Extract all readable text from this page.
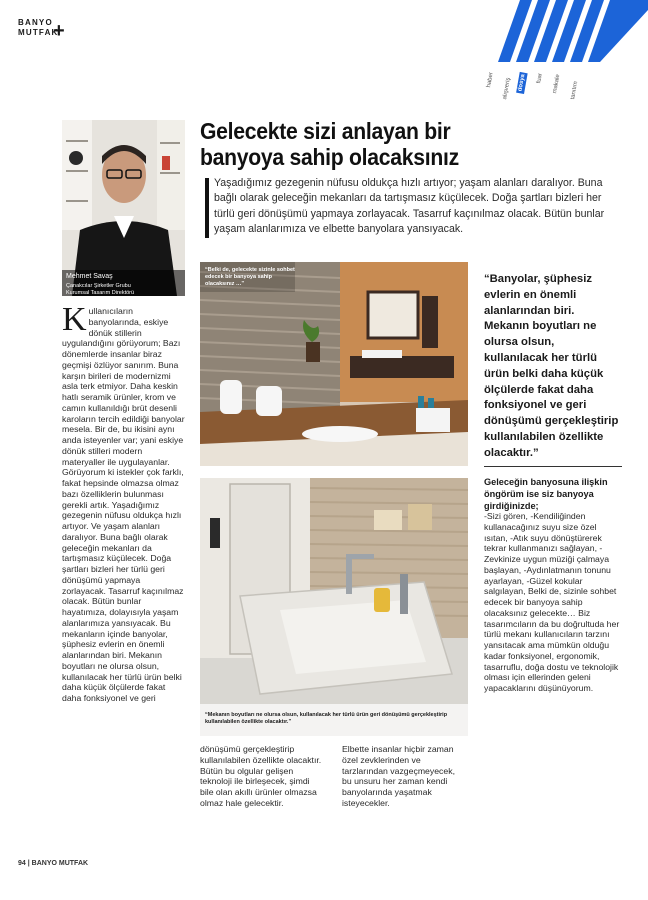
BANYO
MUTFAK
+
haber alışveriş dosya fuar makale tanıtım
Mehmet Savaş
Çanakcılar Şirketler Grubu
Kurumsal Tasarım Direktörü
Gelecekte sizi anlayan bir
banyoya sahip olacaksınız
Yaşadığımız gezegenin nüfusu oldukça hızlı artıyor; yaşam alanları daralıyor. Buna bağlı olarak geleceğin mekanları da tartışmasız küçülecek. Doğa şartları bizleri her türlü geri dönüşümü yapmaya zorlayacak. Tasarruf kaçınılmaz olacak. Bütün bunlar yaşam alanlarımıza ve elbette banyolara yansıyacak.
Kullanıcıların banyolarında, eskiye dönük stillerin uygulandığını görüyorum; Bazı dönemlerde insanlar biraz geçmişi özlüyor sanırım. Buna karşın birileri de modernizmi asla terk etmiyor. Daha keskin hatlı seramik ürünler, krom ve camın kullanıldığı brüt desenli karoların tercih edildiği banyolar mesela. Bir de, bu ikisini aynı anda isteyenler var; yani eskiye dönük stilleri modern materyaller ile uygulayanlar. Görüyorum ki istekler çok farklı, fakat hepsinde olmazsa olmaz bazı özelliklerin bulunması gerekli artık. Yaşadığımız gezegenin nüfusu oldukça hızlı artıyor. Ve yaşam alanları daralıyor. Buna bağlı olarak geleceğin mekanları da tartışmasız küçülecek. Doğa şartları bizleri her türlü geri dönüşümü yapmaya zorlayacak. Tasarruf kaçınılmaz olacak. Bütün bunlar hayatımıza, dolayısıyla yaşam alanlarımıza yansıyacak. Bu mekanların içinde banyolar, şüphesiz evlerin en önemli alanlarından biri. Mekanın boyutları ne olursa olsun, kullanılacak her türlü ürün belki daha küçük ölçülerde fakat daha fonksiyonel ve geri
“Belki de, gelecekte sizinle sohbet edecek bir banyoya sahip olacaksınız …”
“Mekanın boyutları ne olursa olsun, kullanılacak her türlü ürün geri dönüşümü gerçekleştirip kullanılabilen özellikte olacaktır.”
“Banyolar, şüphesiz evlerin en önemli alanlarından biri. Mekanın boyutları ne olursa olsun, kullanılacak her türlü ürün belki daha küçük ölçülerde fakat daha fonksiyonel ve geri dönüşümü gerçekleştirip kullanılabilen özellikte olacaktır.”
Geleceğin banyosuna ilişkin öngörüm ise siz banyoya girdiğinizde;
-Sizi gören, -Kendiliğinden kullanacağınız suyu size özel ısıtan, -Atık suyu dönüştürerek tekrar kullanmanızı sağlayan, -Zevkinize uygun müziği çalmaya başlayan, -Aydınlatmanın tonunu ayarlayan, -Güzel kokular salgılayan, Belki de, sizinle sohbet edecek bir banyoya sahip olacaksınız gelecekte… Biz tasarımcıların da bu doğrultuda her türlü mekanı kullanıcıların tarzını yansıtacak ama mümkün olduğu kadar fonksiyonel, ergonomik, tasarruflu, doğa dostu ve teknolojik olması için ellerinden geleni yapacaklarını düşünüyorum.
dönüşümü gerçekleştirip kullanılabilen özellikte olacaktır. Bütün bu olgular gelişen teknoloji ile birleşecek, şimdi bile olan akıllı ürünler olmazsa olmaz hale gelecektir.
Elbette insanlar hiçbir zaman özel zevklerinden ve tarzlarından vazgeçmeyecek, bu unsuru her zaman kendi banyolarında yaşatmak isteyecekler.
94 | BANYO MUTFAK
